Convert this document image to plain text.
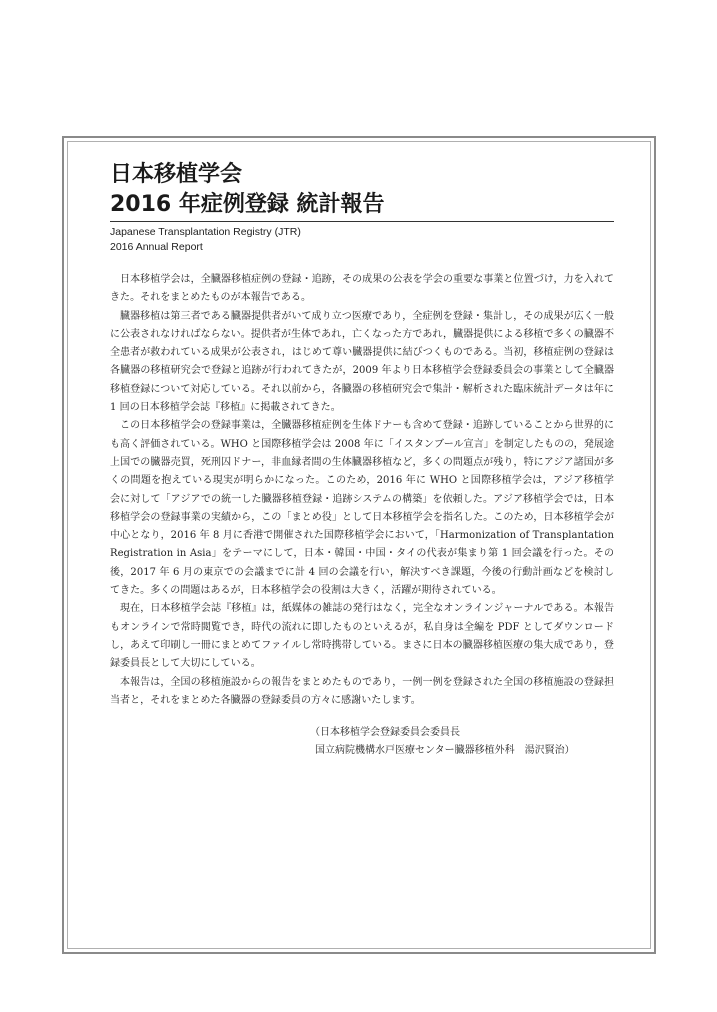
日本移植学会
2016 年症例登録 統計報告
Japanese Transplantation Registry (JTR)
2016 Annual Report

日本移植学会は，全臓器移植症例の登録・追跡，その成果の公表を学会の重要な事業と位置づけ，力を入れてきた。それをまとめたものが本報告である。

臓器移植は第三者である臓器提供者がいて成り立つ医療であり，全症例を登録・集計し，その成果が広く一般に公表されなければならない。提供者が生体であれ，亡くなった方であれ，臓器提供による移植で多くの臓器不全患者が救われている成果が公表され，はじめて尊い臓器提供に結びつくものである。当初，移植症例の登録は各臓器の移植研究会で登録と追跡が行われてきたが，2009 年より日本移植学会登録委員会の事業として全臓器移植登録について対応している。それ以前から，各臓器の移植研究会で集計・解析された臨床統計データは年に 1 回の日本移植学会誌『移植』に掲載されてきた。

この日本移植学会の登録事業は，全臓器移植症例を生体ドナーも含めて登録・追跡していることから世界的にも高く評価されている。WHO と国際移植学会は 2008 年に「イスタンブール宣言」を制定したものの，発展途上国での臓器売買，死刑囚ドナー，非血縁者間の生体臓器移植など，多くの問題点が残り，特にアジア諸国が多くの問題を抱えている現実が明らかになった。このため，2016 年に WHO と国際移植学会は，アジア移植学会に対して「アジアでの統一した臓器移植登録・追跡システムの構築」を依頼した。アジア移植学会では，日本移植学会の登録事業の実績から，この「まとめ役」として日本移植学会を指名した。このため，日本移植学会が中心となり，2016 年 8 月に香港で開催された国際移植学会において，「Harmonization of Transplantation Registration in Asia」をテーマにして，日本・韓国・中国・タイの代表が集まり第 1 回会議を行った。その後，2017 年 6 月の東京での会議までに計 4 回の会議を行い，解決すべき課題，今後の行動計画などを検討してきた。多くの問題はあるが，日本移植学会の役割は大きく，活躍が期待されている。

現在，日本移植学会誌『移植』は，紙媒体の雑誌の発行はなく，完全なオンラインジャーナルである。本報告もオンラインで常時閲覧でき，時代の流れに即したものといえるが，私自身は全編を PDF としてダウンロードし，あえて印刷し一冊にまとめてファイルし常時携帯している。まさに日本の臓器移植医療の集大成であり，登録委員長として大切にしている。

本報告は，全国の移植施設からの報告をまとめたものであり，一例一例を登録された全国の移植施設の登録担当者と，それをまとめた各臓器の登録委員の方々に感謝いたします。

（日本移植学会登録委員会委員長
国立病院機構水戸医療センター臓器移植外科　湯沢賢治）
